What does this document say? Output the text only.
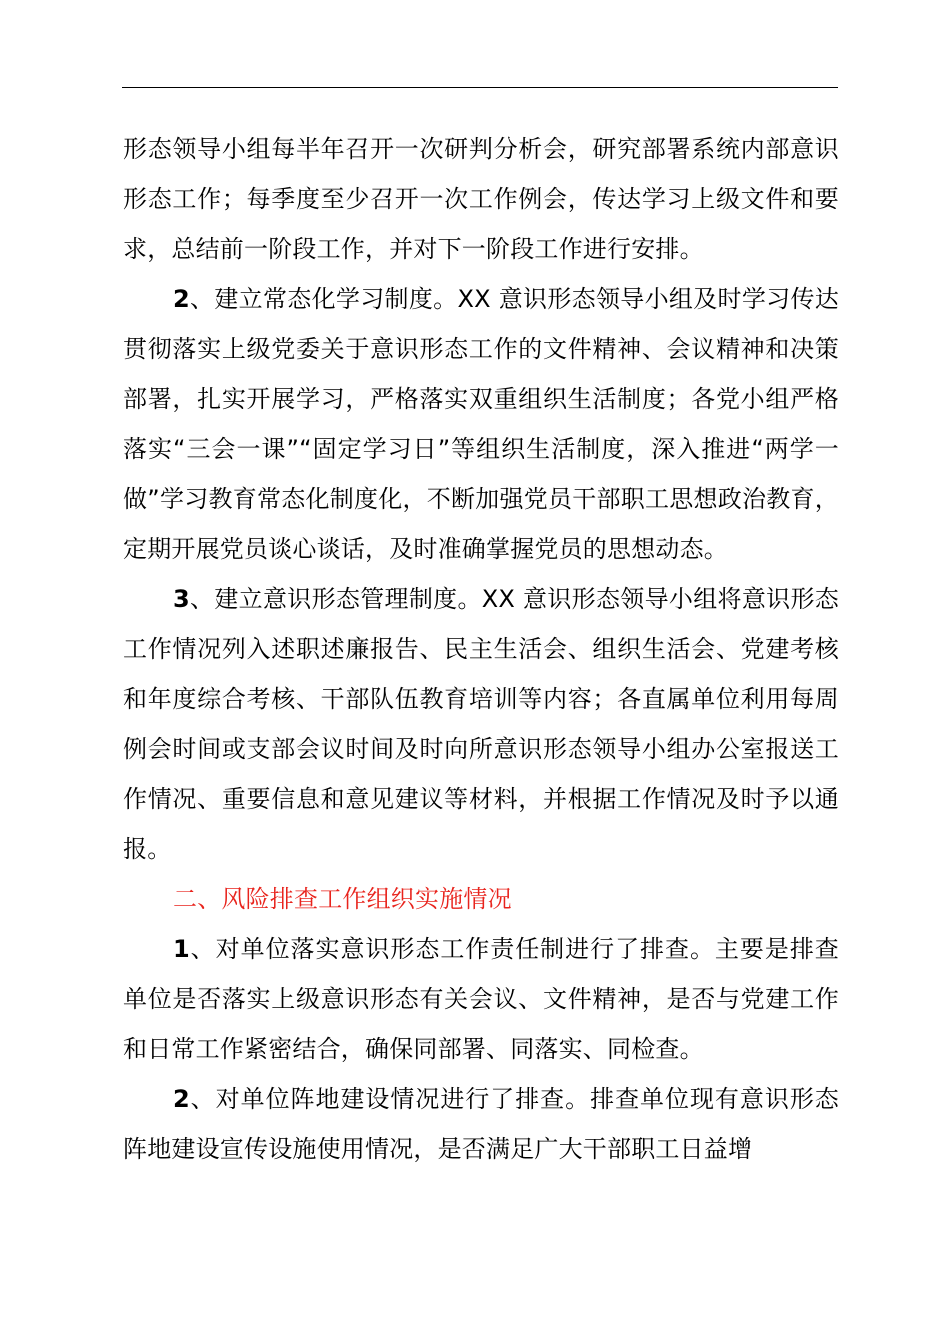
形态领导小组每半年召开一次研判分析会，研究部署系统内部意识形态工作；每季度至少召开一次工作例会，传达学习上级文件和要求，总结前一阶段工作，并对下一阶段工作进行安排。

2、建立常态化学习制度。XX 意识形态领导小组及时学习传达贯彻落实上级党委关于意识形态工作的文件精神、会议精神和决策部署，扎实开展学习，严格落实双重组织生活制度；各党小组严格落实“三会一课”“固定学习日”等组织生活制度，深入推进“两学一做”学习教育常态化制度化，不断加强党员干部职工思想政治教育，定期开展党员谈心谈话，及时准确掌握党员的思想动态。

3、建立意识形态管理制度。XX 意识形态领导小组将意识形态工作情况列入述职述廉报告、民主生活会、组织生活会、党建考核和年度综合考核、干部队伍教育培训等内容；各直属单位利用每周例会时间或支部会议时间及时向所意识形态领导小组办公室报送工作情况、重要信息和意见建议等材料，并根据工作情况及时予以通报。

二、风险排查工作组织实施情况

1、对单位落实意识形态工作责任制进行了排查。主要是排查单位是否落实上级意识形态有关会议、文件精神，是否与党建工作和日常工作紧密结合，确保同部署、同落实、同检查。

2、对单位阵地建设情况进行了排查。排查单位现有意识形态阵地建设宣传设施使用情况，是否满足广大干部职工日益增
